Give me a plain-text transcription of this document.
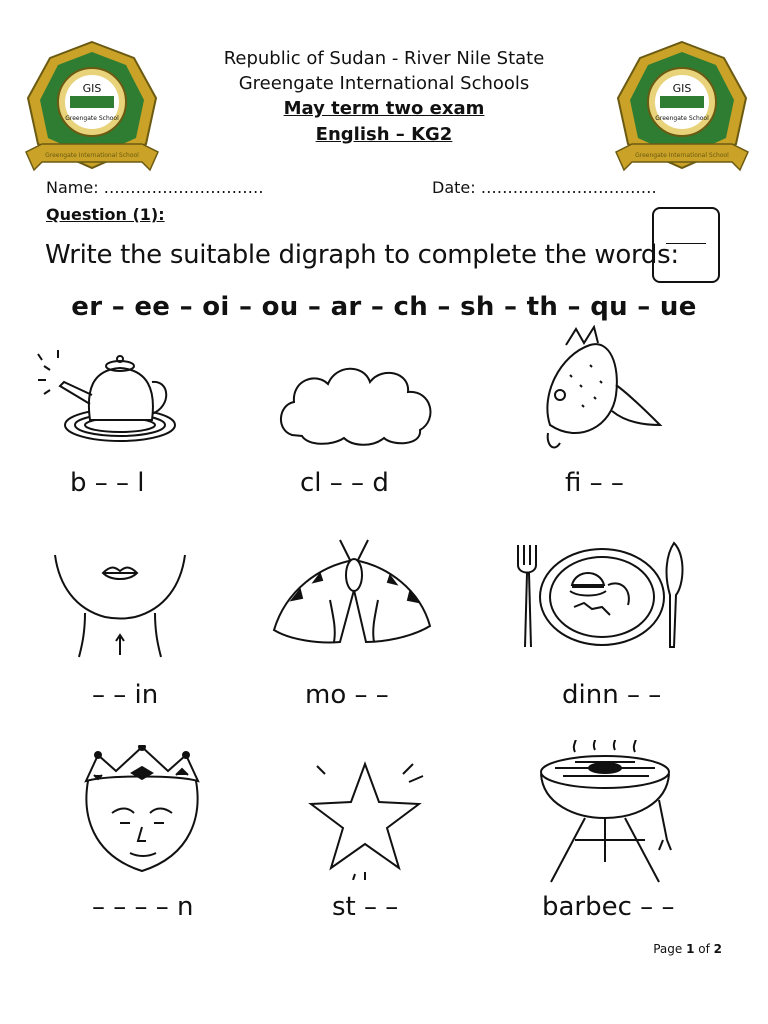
GIS
Greengate School
Greengate International School
GIS
Greengate School
Greengate International School
Republic of Sudan - River Nile State
Greengate International Schools
May term two exam
English – KG2
Name: …………………………	Date: ……………………………
Question (1):
Write the suitable digraph to complete the words:
er – ee – oi – ou – ar – ch – sh – th – qu – ue
b – – l	cl – – d	fi – –
– – in	mo – –	dinn – –
– – – – n	st – –	barbec – –
Page 1 of 2
